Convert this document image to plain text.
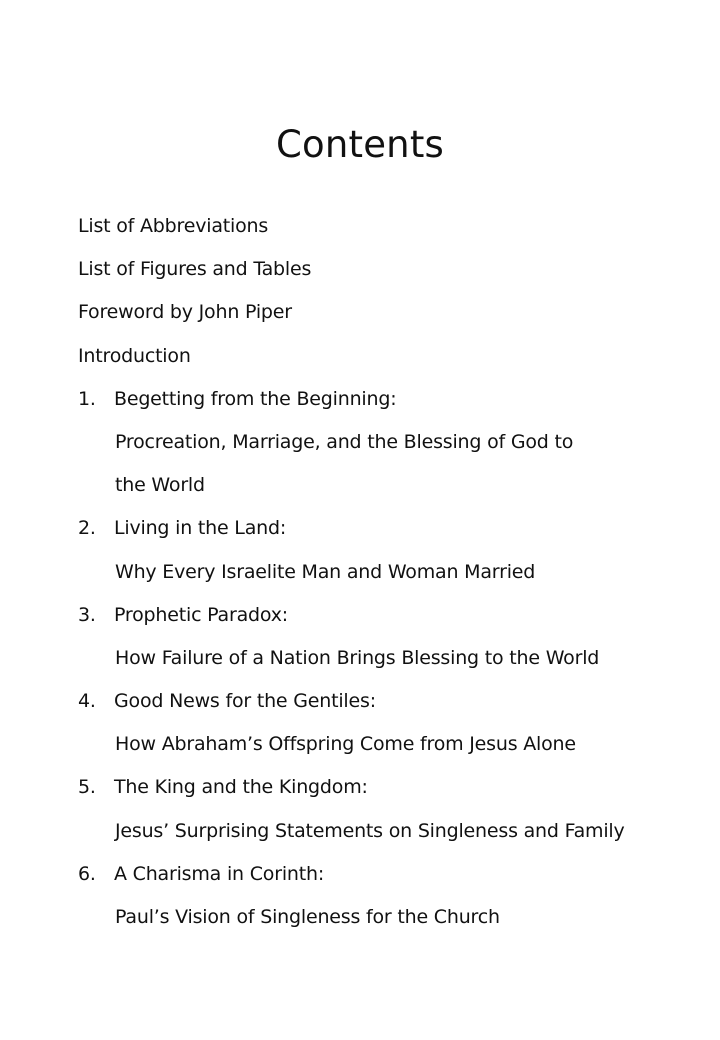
Contents
List of Abbreviations
List of Figures and Tables
Foreword by John Piper
Introduction
1. Begetting from the Beginning:
Procreation, Marriage, and the Blessing of God to
the World
2. Living in the Land:
Why Every Israelite Man and Woman Married
3. Prophetic Paradox:
How Failure of a Nation Brings Blessing to the World
4. Good News for the Gentiles:
How Abraham’s Offspring Come from Jesus Alone
5. The King and the Kingdom:
Jesus’ Surprising Statements on Singleness and Family
6. A Charisma in Corinth:
Paul’s Vision of Singleness for the Church
